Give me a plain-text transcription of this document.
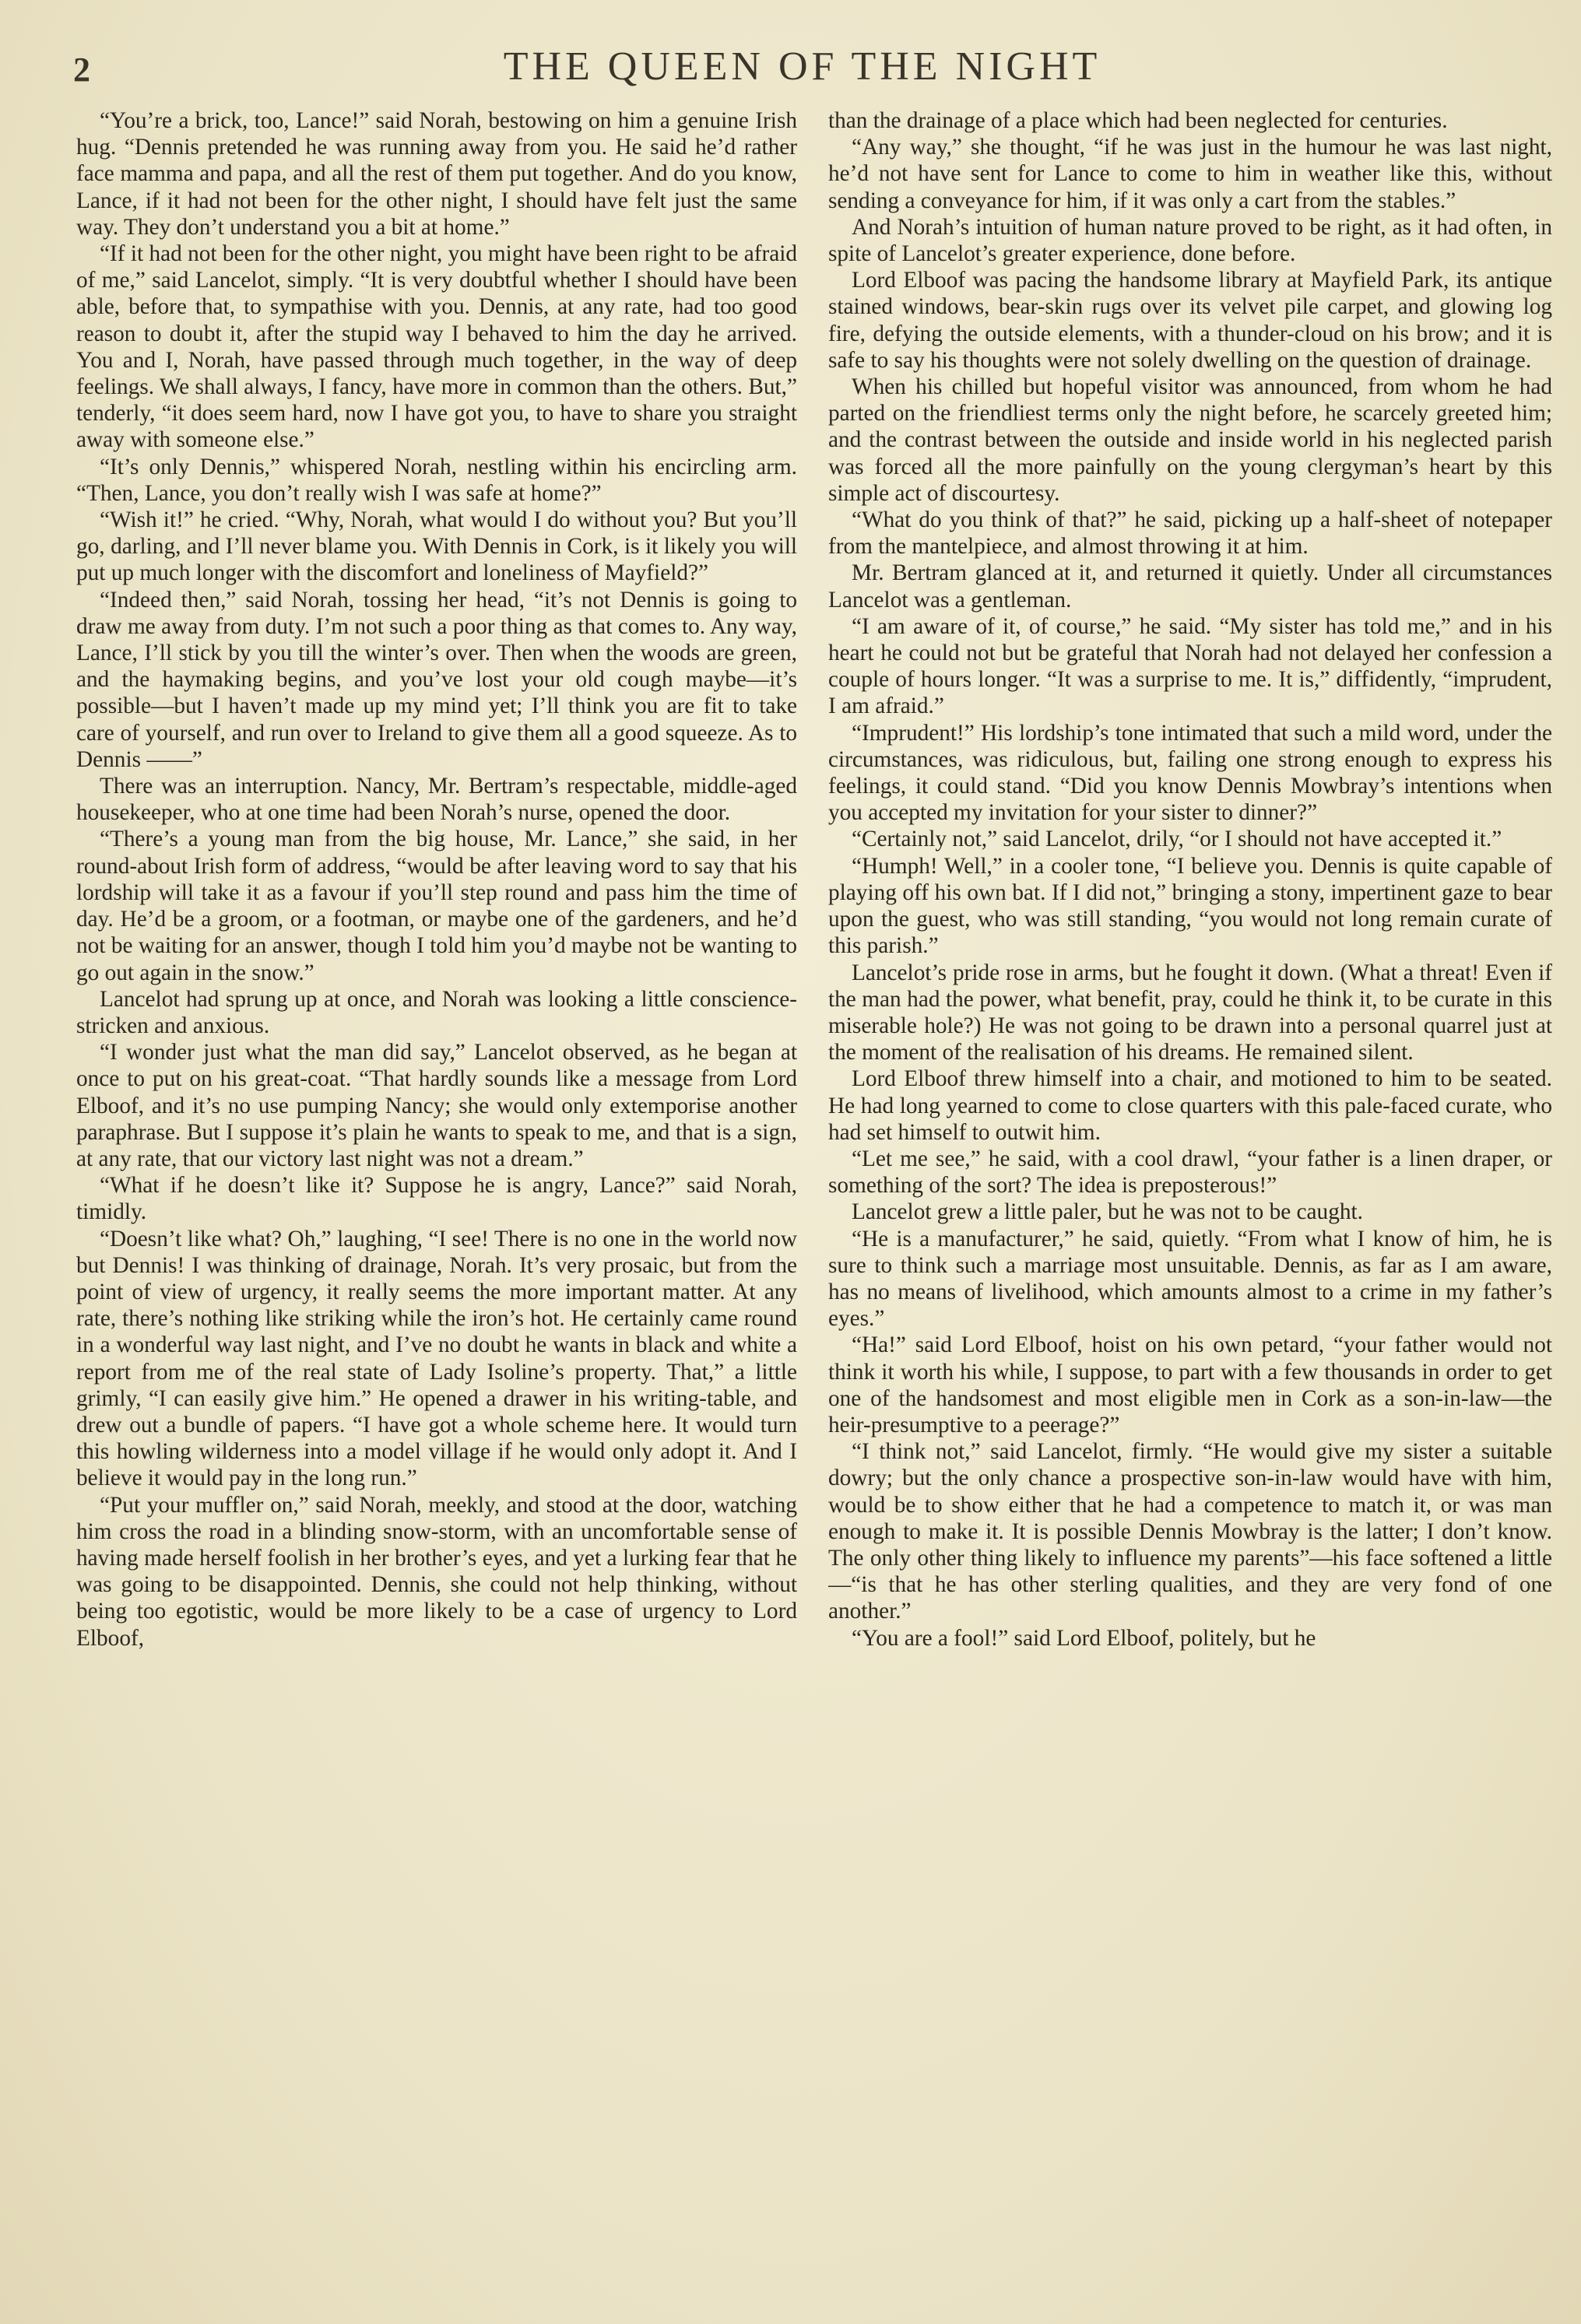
2	THE QUEEN OF THE NIGHT

“You’re a brick, too, Lance!” said Norah, bestowing on him a genuine Irish hug. “Dennis pretended he was running away from you. He said he’d rather face mamma and papa, and all the rest of them put together. And do you know, Lance, if it had not been for the other night, I should have felt just the same way. They don’t understand you a bit at home.”

“If it had not been for the other night, you might have been right to be afraid of me,” said Lancelot, simply. “It is very doubtful whether I should have been able, before that, to sympathise with you. Dennis, at any rate, had too good reason to doubt it, after the stupid way I behaved to him the day he arrived. You and I, Norah, have passed through much together, in the way of deep feelings. We shall always, I fancy, have more in common than the others. But,” tenderly, “it does seem hard, now I have got you, to have to share you straight away with someone else.”

“It’s only Dennis,” whispered Norah, nestling within his encircling arm. “Then, Lance, you don’t really wish I was safe at home?”

“Wish it!” he cried. “Why, Norah, what would I do without you? But you’ll go, darling, and I’ll never blame you. With Dennis in Cork, is it likely you will put up much longer with the discomfort and loneliness of Mayfield?”

“Indeed then,” said Norah, tossing her head, “it’s not Dennis is going to draw me away from duty. I’m not such a poor thing as that comes to. Any way, Lance, I’ll stick by you till the winter’s over. Then when the woods are green, and the haymaking begins, and you’ve lost your old cough maybe—it’s possible—but I haven’t made up my mind yet; I’ll think you are fit to take care of yourself, and run over to Ireland to give them all a good squeeze. As to Dennis ——”

There was an interruption. Nancy, Mr. Bertram’s respectable, middle-aged housekeeper, who at one time had been Norah’s nurse, opened the door.

“There’s a young man from the big house, Mr. Lance,” she said, in her round-about Irish form of address, “would be after leaving word to say that his lordship will take it as a favour if you’ll step round and pass him the time of day. He’d be a groom, or a footman, or maybe one of the gardeners, and he’d not be waiting for an answer, though I told him you’d maybe not be wanting to go out again in the snow.”

Lancelot had sprung up at once, and Norah was looking a little conscience-stricken and anxious.

“I wonder just what the man did say,” Lancelot observed, as he began at once to put on his great-coat. “That hardly sounds like a message from Lord Elboof, and it’s no use pumping Nancy; she would only extemporise another paraphrase. But I suppose it’s plain he wants to speak to me, and that is a sign, at any rate, that our victory last night was not a dream.”

“What if he doesn’t like it? Suppose he is angry, Lance?” said Norah, timidly.

“Doesn’t like what? Oh,” laughing, “I see! There is no one in the world now but Dennis! I was thinking of drainage, Norah. It’s very prosaic, but from the point of view of urgency, it really seems the more important matter. At any rate, there’s nothing like striking while the iron’s hot. He certainly came round in a wonderful way last night, and I’ve no doubt he wants in black and white a report from me of the real state of Lady Isoline’s property. That,” a little grimly, “I can easily give him.” He opened a drawer in his writing-table, and drew out a bundle of papers. “I have got a whole scheme here. It would turn this howling wilderness into a model village if he would only adopt it. And I believe it would pay in the long run.”

“Put your muffler on,” said Norah, meekly, and stood at the door, watching him cross the road in a blinding snow-storm, with an uncomfortable sense of having made herself foolish in her brother’s eyes, and yet a lurking fear that he was going to be disappointed. Dennis, she could not help thinking, without being too egotistic, would be more likely to be a case of urgency to Lord Elboof,

than the drainage of a place which had been neglected for centuries.

“Any way,” she thought, “if he was just in the humour he was last night, he’d not have sent for Lance to come to him in weather like this, without sending a conveyance for him, if it was only a cart from the stables.”

And Norah’s intuition of human nature proved to be right, as it had often, in spite of Lancelot’s greater experience, done before.

Lord Elboof was pacing the handsome library at Mayfield Park, its antique stained windows, bear-skin rugs over its velvet pile carpet, and glowing log fire, defying the outside elements, with a thunder-cloud on his brow; and it is safe to say his thoughts were not solely dwelling on the question of drainage.

When his chilled but hopeful visitor was announced, from whom he had parted on the friendliest terms only the night before, he scarcely greeted him; and the contrast between the outside and inside world in his neglected parish was forced all the more painfully on the young clergyman’s heart by this simple act of discourtesy.

“What do you think of that?” he said, picking up a half-sheet of notepaper from the mantelpiece, and almost throwing it at him.

Mr. Bertram glanced at it, and returned it quietly. Under all circumstances Lancelot was a gentleman.

“I am aware of it, of course,” he said. “My sister has told me,” and in his heart he could not but be grateful that Norah had not delayed her confession a couple of hours longer. “It was a surprise to me. It is,” diffidently, “imprudent, I am afraid.”

“Imprudent!” His lordship’s tone intimated that such a mild word, under the circumstances, was ridiculous, but, failing one strong enough to express his feelings, it could stand. “Did you know Dennis Mowbray’s intentions when you accepted my invitation for your sister to dinner?”

“Certainly not,” said Lancelot, drily, “or I should not have accepted it.”

“Humph! Well,” in a cooler tone, “I believe you. Dennis is quite capable of playing off his own bat. If I did not,” bringing a stony, impertinent gaze to bear upon the guest, who was still standing, “you would not long remain curate of this parish.”

Lancelot’s pride rose in arms, but he fought it down. (What a threat! Even if the man had the power, what benefit, pray, could he think it, to be curate in this miserable hole?) He was not going to be drawn into a personal quarrel just at the moment of the realisation of his dreams. He remained silent.

Lord Elboof threw himself into a chair, and motioned to him to be seated. He had long yearned to come to close quarters with this pale-faced curate, who had set himself to outwit him.

“Let me see,” he said, with a cool drawl, “your father is a linen draper, or something of the sort? The idea is preposterous!”

Lancelot grew a little paler, but he was not to be caught.

“He is a manufacturer,” he said, quietly. “From what I know of him, he is sure to think such a marriage most unsuitable. Dennis, as far as I am aware, has no means of livelihood, which amounts almost to a crime in my father’s eyes.”

“Ha!” said Lord Elboof, hoist on his own petard, “your father would not think it worth his while, I suppose, to part with a few thousands in order to get one of the handsomest and most eligible men in Cork as a son-in-law—the heir-presumptive to a peerage?”

“I think not,” said Lancelot, firmly. “He would give my sister a suitable dowry; but the only chance a prospective son-in-law would have with him, would be to show either that he had a competence to match it, or was man enough to make it. It is possible Dennis Mowbray is the latter; I don’t know. The only other thing likely to influence my parents”—his face softened a little—“is that he has other sterling qualities, and they are very fond of one another.”

“You are a fool!” said Lord Elboof, politely, but he
